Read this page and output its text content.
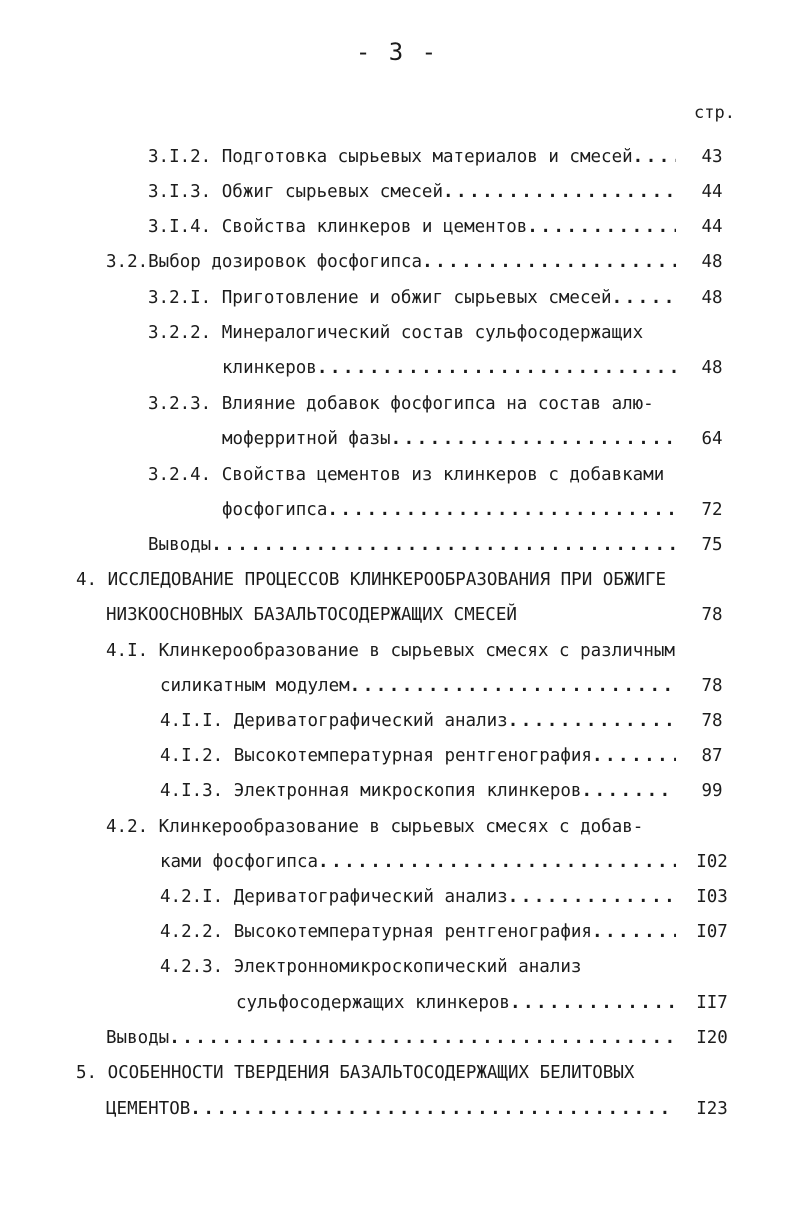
- 3 -
стр.
3.I.2. Подготовка сырьевых материалов и смесей .....	43
3.I.3. Обжиг сырьевых смесей .....	44
3.I.4. Свойства клинкеров и цементов .....	44
3.2.Выбор дозировок фосфогипса .....	48
3.2.I. Приготовление и обжиг сырьевых смесей .....	48
3.2.2. Минералогический состав сульфосодержащих
клинкеров .....	48
3.2.3. Влияние добавок фосфогипса на состав алю-
моферритной фазы .....	64
3.2.4. Свойства цементов из клинкеров с добавками
фосфогипса .....	72
Выводы .....	75
4. ИССЛЕДОВАНИЕ ПРОЦЕССОВ КЛИНКЕРООБРАЗОВАНИЯ ПРИ ОБЖИГЕ
НИЗКООСНОВНЫХ БАЗАЛЬТОСОДЕРЖАЩИХ СМЕСЕЙ	78
4.I. Клинкерообразование в сырьевых смесях с различным
силикатным модулем .....	78
4.I.I. Дериватографический анализ .....	78
4.I.2. Высокотемпературная рентгенография .....	87
4.I.3. Электронная микроскопия клинкеров .....	99
4.2. Клинкерообразование в сырьевых смесях с добав-
ками фосфогипса .....	I02
4.2.I. Дериватографический анализ .....	I03
4.2.2. Высокотемпературная рентгенография .....	I07
4.2.3. Электронномикроскопический анализ
сульфосодержащих клинкеров .....	II7
Выводы .....	I20
5. ОСОБЕННОСТИ ТВЕРДЕНИЯ БАЗАЛЬТОСОДЕРЖАЩИХ БЕЛИТОВЫХ
ЦЕМЕНТОВ .....	I23
